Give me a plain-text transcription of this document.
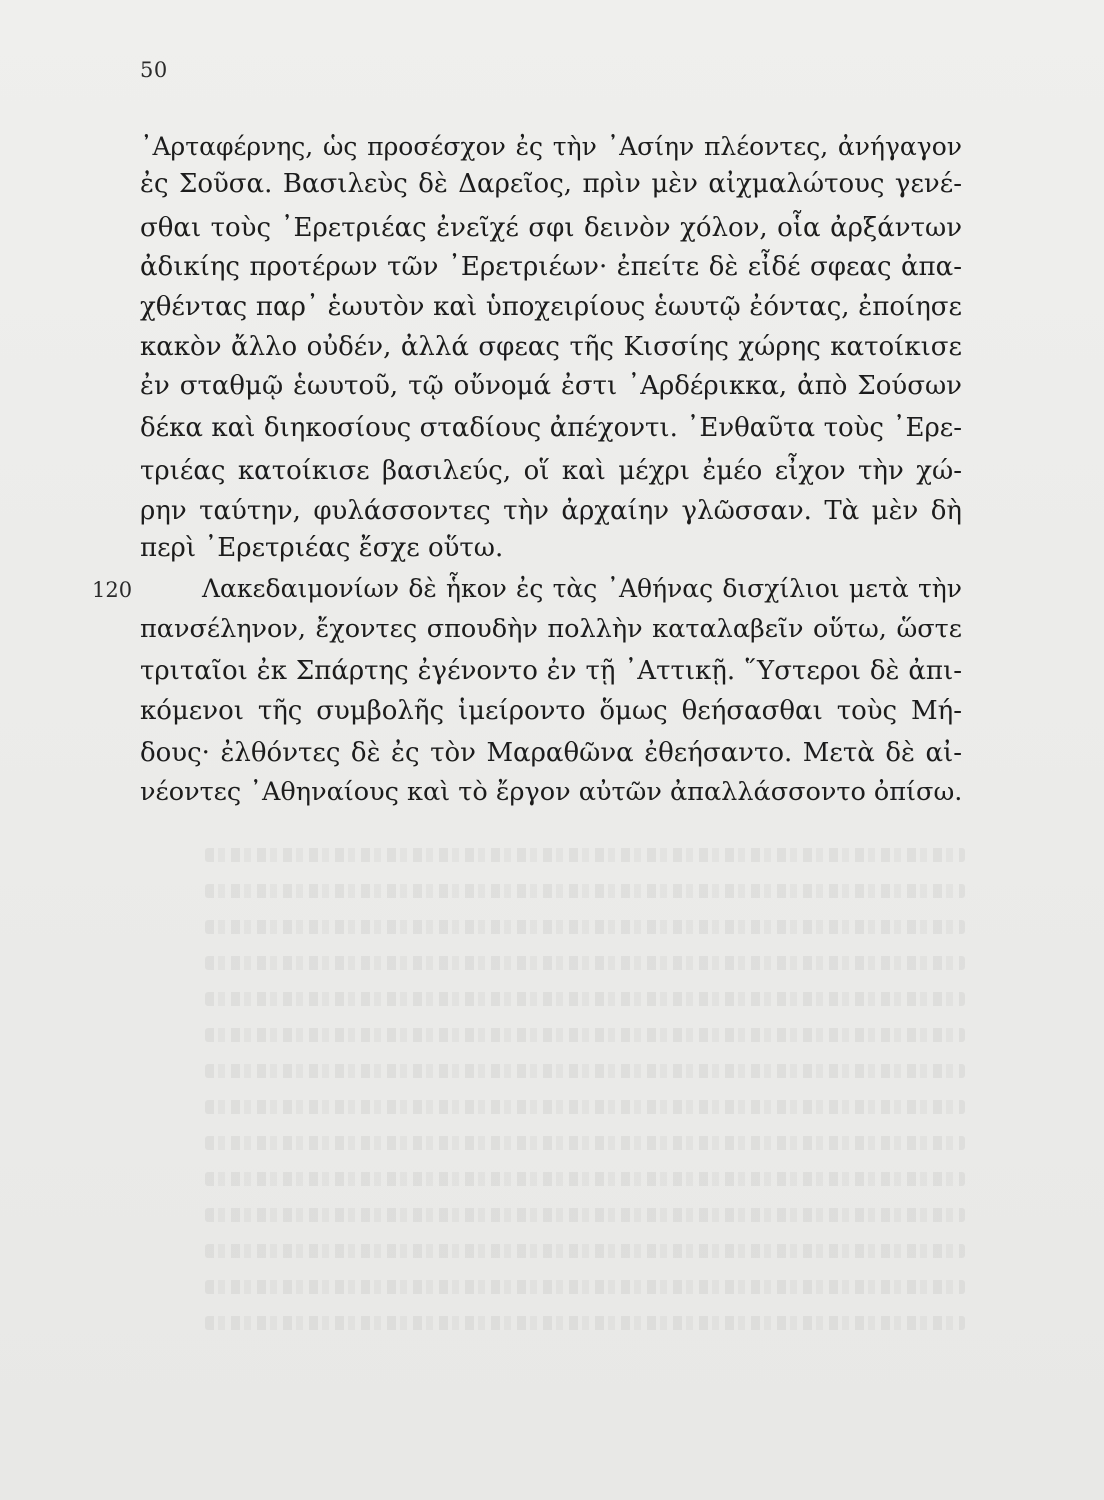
50
᾿Αρταφέρνης, ὡς προσέσχον ἐς τὴν ᾿Ασίην πλέοντες, ἀνήγαγον
ἐς Σοῦσα. Βασιλεὺς δὲ Δαρεῖος, πρὶν μὲν αἰχμαλώτους γενέ-
σθαι τοὺς ᾿Ερετριέας ἐνεῖχέ σφι δεινὸν χόλον, οἷα ἀρξάντων
ἀδικίης προτέρων τῶν ᾿Ερετριέων· ἐπείτε δὲ εἶδέ σφεας ἀπα-
χθέντας παρ᾿ ἑωυτὸν καὶ ὑποχειρίους ἑωυτῷ ἐόντας, ἐποίησε
κακὸν ἄλλο οὐδέν, ἀλλά σφεας τῆς Κισσίης χώρης κατοίκισε
ἐν σταθμῷ ἑωυτοῦ, τῷ οὔνομά ἐστι ᾿Αρδέρικκα, ἀπὸ Σούσων
δέκα καὶ διηκοσίους σταδίους ἀπέχοντι. ᾿Ενθαῦτα τοὺς ᾿Ερε-
τριέας κατοίκισε βασιλεύς, οἵ καὶ μέχρι ἐμέο εἶχον τὴν χώ-
ρην ταύτην, φυλάσσοντες τὴν ἀρχαίην γλῶσσαν. Τὰ μὲν δὴ
περὶ ᾿Ερετριέας ἔσχε οὕτω.
120	Λακεδαιμονίων δὲ ἧκον ἐς τὰς ᾿Αθήνας δισχίλιοι μετὰ τὴν
πανσέληνον, ἔχοντες σπουδὴν πολλὴν καταλαβεῖν οὕτω, ὥστε
τριταῖοι ἐκ Σπάρτης ἐγένοντο ἐν τῇ ᾿Αττικῇ. ῞Υστεροι δὲ ἀπι-
κόμενοι τῆς συμβολῆς ἱμείροντο ὅμως θεήσασθαι τοὺς Μή-
δους· ἐλθόντες δὲ ἐς τὸν Μαραθῶνα ἐθεήσαντο. Μετὰ δὲ αἰ-
νέοντες ᾿Αθηναίους καὶ τὸ ἔργον αὐτῶν ἀπαλλάσσοντο ὀπίσω.
